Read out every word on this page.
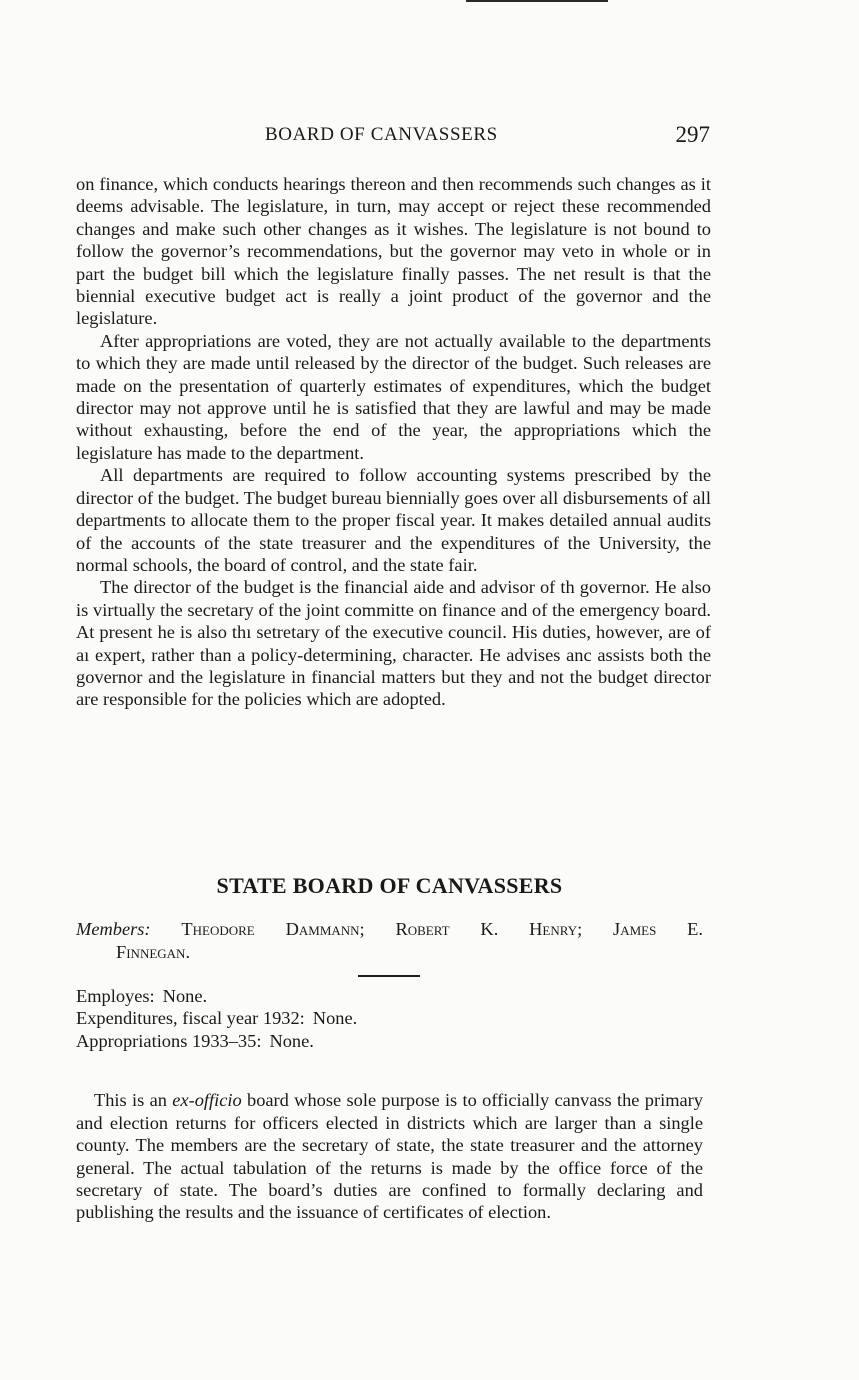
BOARD OF CANVASSERS	297

on finance, which conducts hearings thereon and then recommends such changes as it deems advisable. The legislature, in turn, may accept or reject these recommended changes and make such other changes as it wishes. The legislature is not bound to follow the governor’s recommendations, but the governor may veto in whole or in part the budget bill which the legislature finally passes. The net result is that the biennial executive budget act is really a joint product of the governor and the legislature.

After appropriations are voted, they are not actually available to the departments to which they are made until released by the director of the budget. Such releases are made on the presentation of quarterly estimates of expenditures, which the budget director may not approve until he is satisfied that they are lawful and may be made without exhausting, before the end of the year, the appropriations which the legislature has made to the department.

All departments are required to follow accounting systems prescribed by the director of the budget. The budget bureau biennially goes over all disbursements of all departments to allocate them to the proper fiscal year. It makes detailed annual audits of the accounts of the state treasurer and the expenditures of the University, the normal schools, the board of control, and the state fair.

The director of the budget is the financial aide and advisor of th governor. He also is virtually the secretary of the joint committe on finance and of the emergency board. At present he is also thı setretary of the executive council. His duties, however, are of aı expert, rather than a policy-determining, character. He advises anc assists both the governor and the legislature in financial matters but they and not the budget director are responsible for the policies which are adopted.

STATE BOARD OF CANVASSERS
Members: Theodore Dammann; Robert K. Henry; James E.
Finnegan.
Employes: None.
Expenditures, fiscal year 1932: None.
Appropriations 1933–35: None.

This is an ex-officio board whose sole purpose is to officially canvass the primary and election returns for officers elected in districts which are larger than a single county. The members are the secretary of state, the state treasurer and the attorney general. The actual tabulation of the returns is made by the office force of the secretary of state. The board’s duties are confined to formally declaring and publishing the results and the issuance of certificates of election.
